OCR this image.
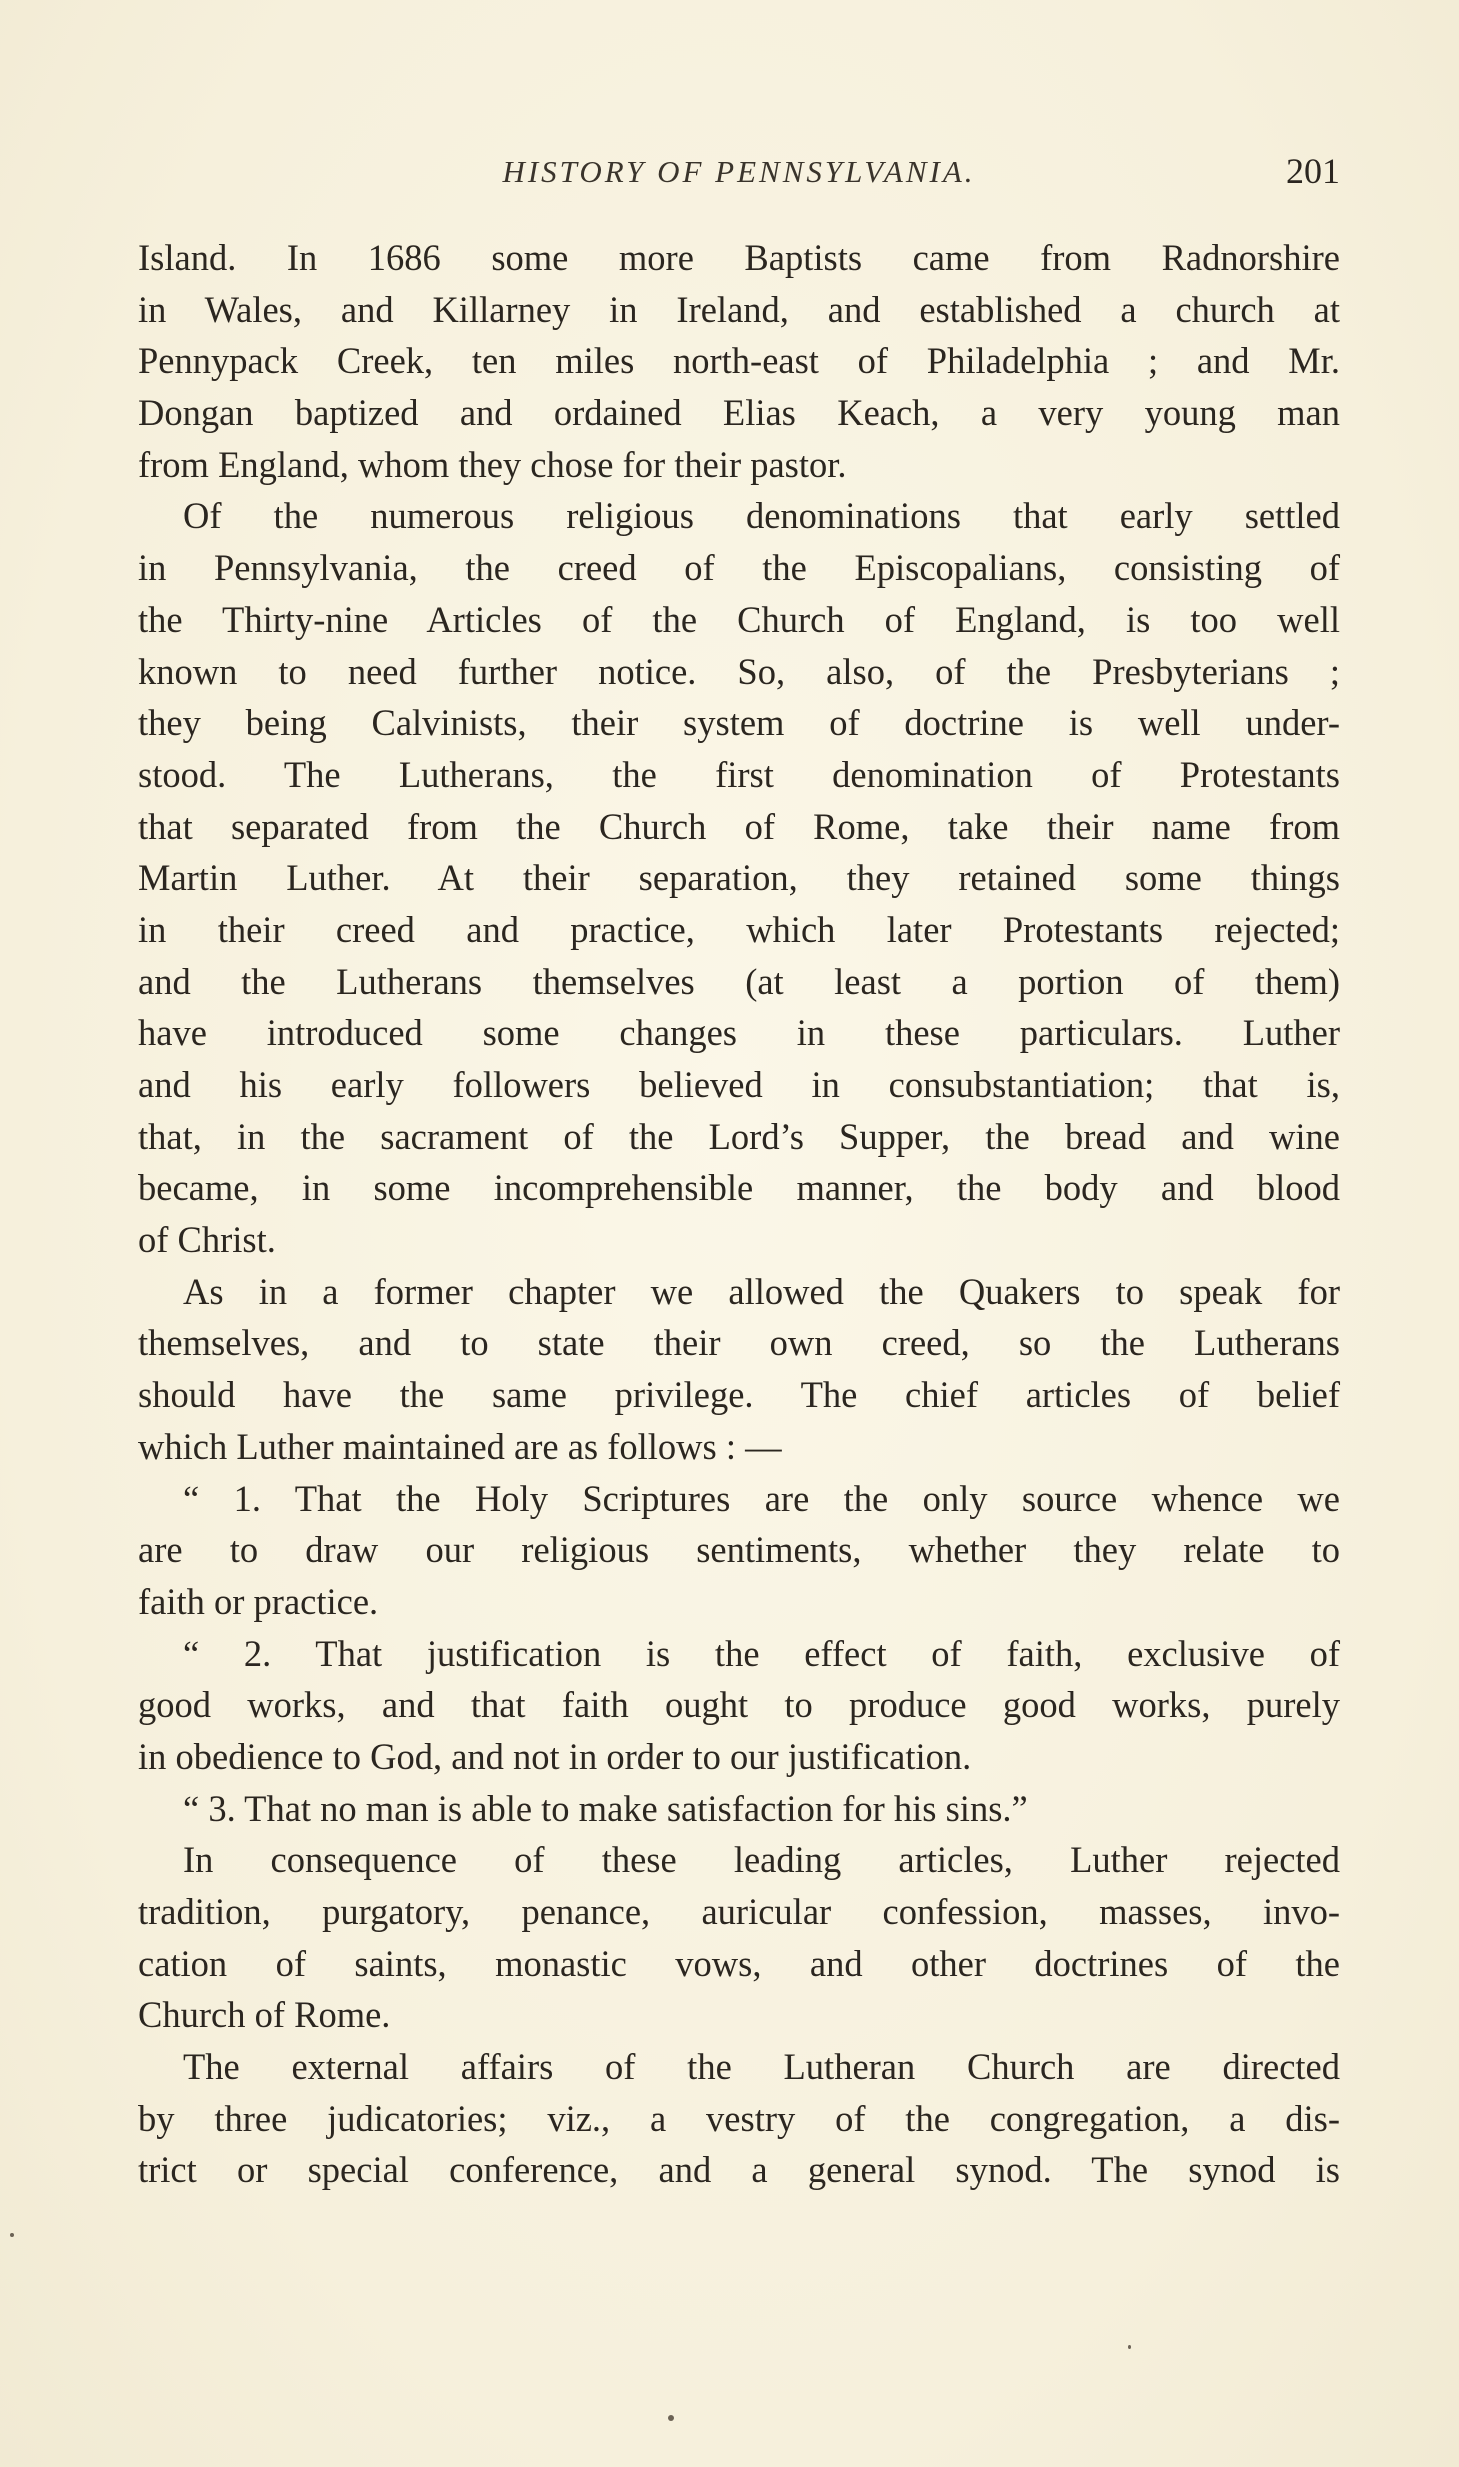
HISTORY OF PENNSYLVANIA.	201
Island. In 1686 some more Baptists came from Radnorshire
in Wales, and Killarney in Ireland, and established a church at
Pennypack Creek, ten miles north-east of Philadelphia ; and Mr.
Dongan baptized and ordained Elias Keach, a very young man
from England, whom they chose for their pastor.
Of the numerous religious denominations that early settled
in Pennsylvania, the creed of the Episcopalians, consisting of
the Thirty-nine Articles of the Church of England, is too well
known to need further notice. So, also, of the Presbyterians ;
they being Calvinists, their system of doctrine is well under-
stood. The Lutherans, the first denomination of Protestants
that separated from the Church of Rome, take their name from
Martin Luther. At their separation, they retained some things
in their creed and practice, which later Protestants rejected;
and the Lutherans themselves (at least a portion of them)
have introduced some changes in these particulars. Luther
and his early followers believed in consubstantiation; that is,
that, in the sacrament of the Lord’s Supper, the bread and wine
became, in some incomprehensible manner, the body and blood
of Christ.
As in a former chapter we allowed the Quakers to speak for
themselves, and to state their own creed, so the Lutherans
should have the same privilege. The chief articles of belief
which Luther maintained are as follows : —
“ 1. That the Holy Scriptures are the only source whence we
are to draw our religious sentiments, whether they relate to
faith or practice.
“ 2. That justification is the effect of faith, exclusive of
good works, and that faith ought to produce good works, purely
in obedience to God, and not in order to our justification.
“ 3. That no man is able to make satisfaction for his sins.”
In consequence of these leading articles, Luther rejected
tradition, purgatory, penance, auricular confession, masses, invo-
cation of saints, monastic vows, and other doctrines of the
Church of Rome.
The external affairs of the Lutheran Church are directed
by three judicatories; viz., a vestry of the congregation, a dis-
trict or special conference, and a general synod. The synod is
